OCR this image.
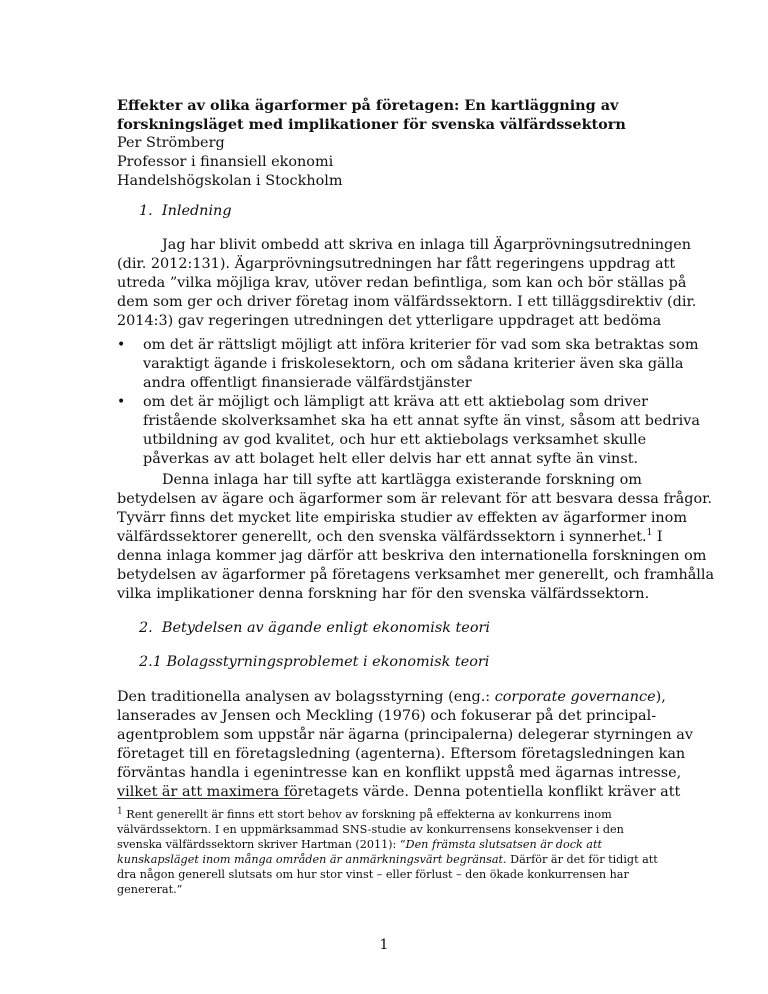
Effekter av olika ägarformer på företagen: En kartläggning av

forskningsläget med implikationer för svenska välfärdssektorn

Per Strömberg

Professor i finansiell ekonomi

Handelshögskolan i Stockholm

1. Inledning

Jag har blivit ombedd att skriva en inlaga till Ägarprövningsutredningen

(dir. 2012:131). Ägarprövningsutredningen har fått regeringens uppdrag att

utreda ”vilka möjliga krav, utöver redan befintliga, som kan och bör ställas på

dem som ger och driver företag inom välfärdssektorn. I ett tilläggsdirektiv (dir.

2014:3) gav regeringen utredningen det ytterligare uppdraget att bedöma

• om det är rättsligt möjligt att införa kriterier för vad som ska betraktas som

varaktigt ägande i friskolesektorn, och om sådana kriterier även ska gälla

andra offentligt finansierade välfärdstjänster

• om det är möjligt och lämpligt att kräva att ett aktiebolag som driver

fristående skolverksamhet ska ha ett annat syfte än vinst, såsom att bedriva

utbildning av god kvalitet, och hur ett aktiebolags verksamhet skulle

påverkas av att bolaget helt eller delvis har ett annat syfte än vinst.

Denna inlaga har till syfte att kartlägga existerande forskning om

betydelsen av ägare och ägarformer som är relevant för att besvara dessa frågor.

Tyvärr finns det mycket lite empiriska studier av effekten av ägarformer inom

välfärdssektorer generellt, och den svenska välfärdssektorn i synnerhet.$^1$ I

denna inlaga kommer jag därför att beskriva den internationella forskningen om

betydelsen av ägarformer på företagens verksamhet mer generellt, och framhålla

vilka implikationer denna forskning har för den svenska välfärdssektorn.

2. Betydelsen av ägande enligt ekonomisk teori

2.1 Bolagsstyrningsproblemet i ekonomisk teori

Den traditionella analysen av bolagsstyrning (eng.: corporate governance),

lanserades av Jensen och Meckling (1976) och fokuserar på det principal-

agentproblem som uppstår när ägarna (principalerna) delegerar styrningen av

företaget till en företagsledning (agenterna). Eftersom företagsledningen kan

förväntas handla i egenintresse kan en konflikt uppstå med ägarnas intresse,

vilket är att maximera företagets värde. Denna potentiella konflikt kräver att

$^1$ Rent generellt är finns ett stort behov av forskning på effekterna av konkurrens inom

välvärdssektorn. I en uppmärksammad SNS-studie av konkurrensens konsekvenser i den

svenska välfärdssektorn skriver Hartman (2011): “Den främsta slutsatsen är dock att

kunskapsläget inom många områden är anmärkningsvärt begränsat. Därför är det för tidigt att

dra någon generell slutsats om hur stor vinst – eller förlust – den ökade konkurrensen har

genererat.”

1
